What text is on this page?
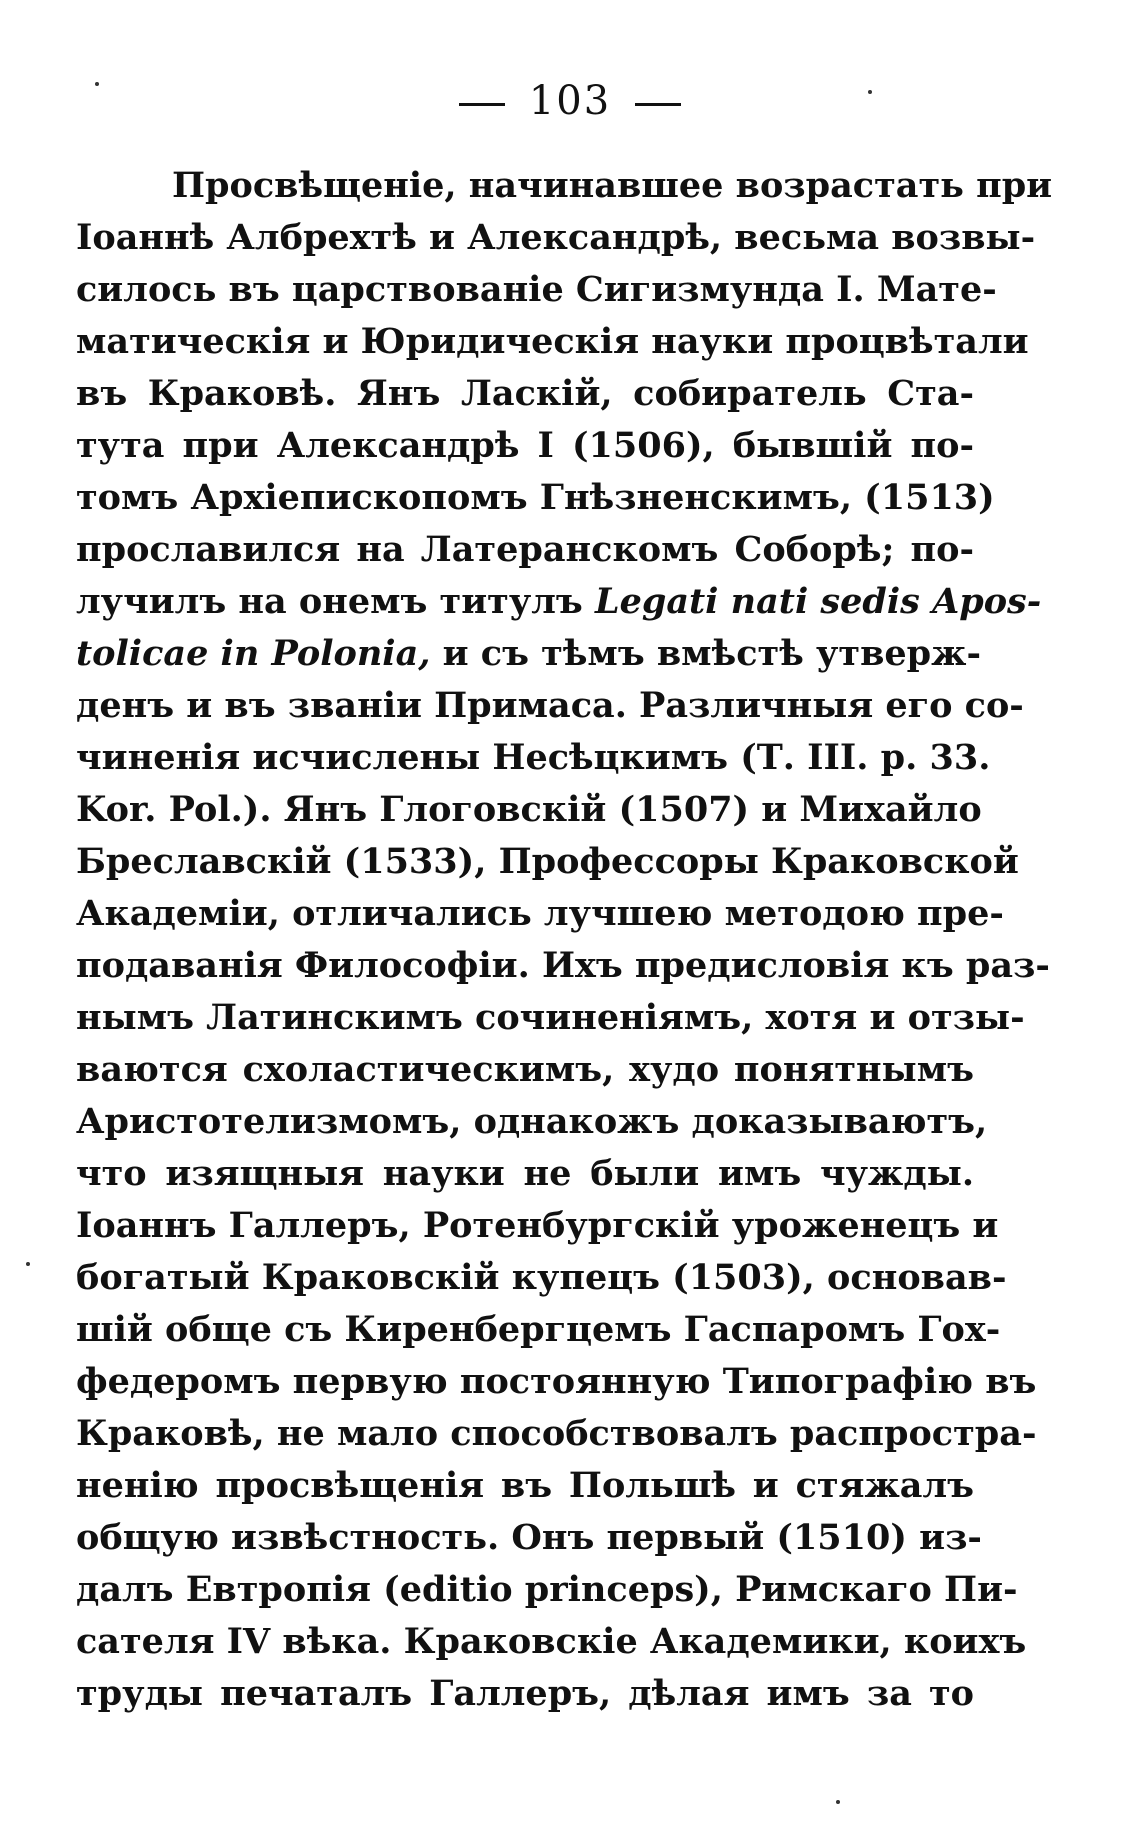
103
Просвѣщеніе, начинавшее возрастать при
Іоаннѣ Албрехтѣ и Александрѣ, весьма возвы-
силось въ царствованіе Сигизмунда I. Мате-
матическія и Юридическія науки процвѣтали
въ Краковѣ. Янъ Ласкій, собиратель Ста-
тута при Александрѣ I (1506), бывшій по-
томъ Архіепископомъ Гнѣзненскимъ, (1513)
прославился на Латеранскомъ Соборѣ; по-
лучилъ на онемъ титулъ Legati nati sedis Apos-
tolicae in Polonia, и съ тѣмъ вмѣстѣ утверж-
денъ и въ званіи Примаса. Различныя его со-
чиненія исчислены Несѣцкимъ (Т. III. p. 33.
Kor. Pol.). Янъ Глоговскій (1507) и Михайло
Бреславскій (1533), Профессоры Краковской
Академіи, отличались лучшею методою пре-
подаванія Философіи. Ихъ предисловія къ раз-
нымъ Латинскимъ сочиненіямъ, хотя и отзы-
ваются схоластическимъ, худо понятнымъ
Аристотелизмомъ, однакожъ доказываютъ,
что изящныя науки не были имъ чужды.
Іоаннъ Галлеръ, Ротенбургскій уроженецъ и
богатый Краковскій купецъ (1503), основав-
шій обще съ Киренбергцемъ Гаспаромъ Гох-
федеромъ первую постоянную Типографію въ
Краковѣ, не мало способствовалъ распростра-
ненію просвѣщенія въ Польшѣ и стяжалъ
общую извѣстность. Онъ первый (1510) из-
далъ Евтропія (editio princeps), Римскаго Пи-
сателя IV вѣка. Краковскіе Академики, коихъ
труды печаталъ Галлеръ, дѣлая имъ за то
